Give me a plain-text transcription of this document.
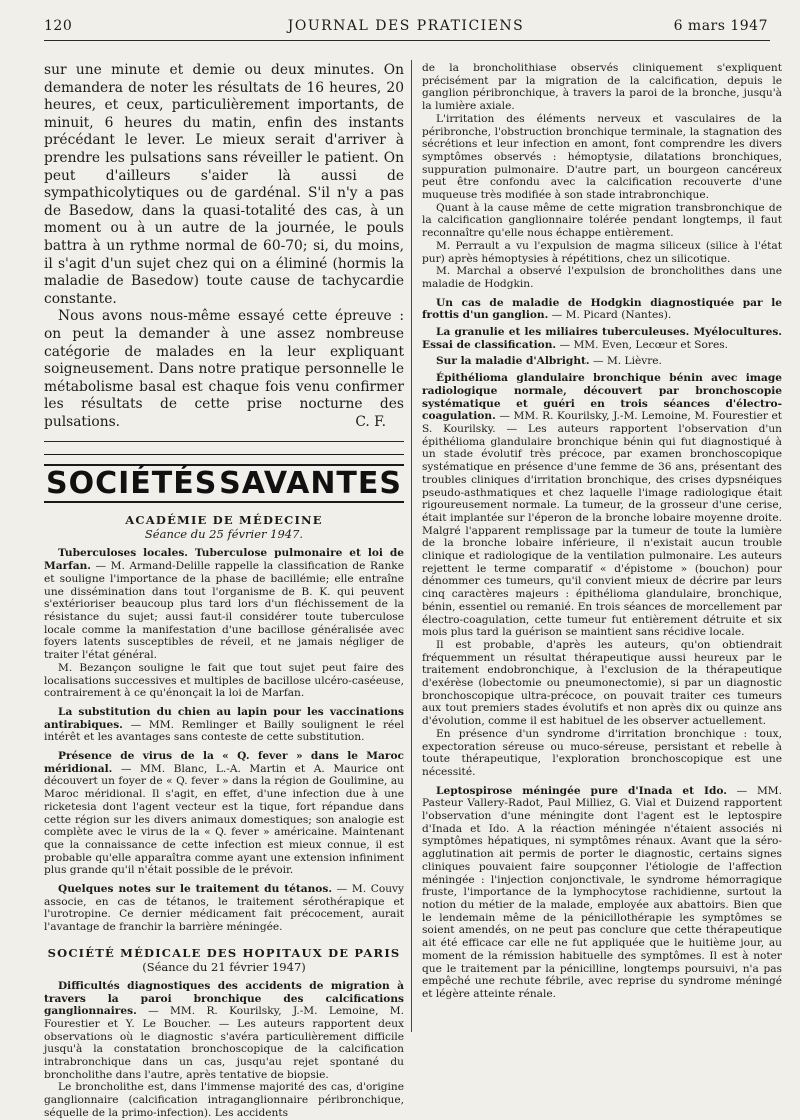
120	JOURNAL DES PRATICIENS	6 mars 1947

sur une minute et demie ou deux minutes. On demandera de noter les résultats de 16 heures, 20 heures, et ceux, particulièrement importants, de minuit, 6 heures du matin, enfin des instants précédant le lever. Le mieux serait d'arriver à prendre les pulsations sans réveiller le patient. On peut d'ailleurs s'aider là aussi de sympathicolytiques ou de gardénal. S'il n'y a pas de Basedow, dans la quasi-totalité des cas, à un moment ou à un autre de la journée, le pouls battra à un rythme normal de 60-70; si, du moins, il s'agit d'un sujet chez qui on a éliminé (hormis la maladie de Basedow) toute cause de tachycardie constante.

Nous avons nous-même essayé cette épreuve : on peut la demander à une assez nombreuse catégorie de malades en la leur expliquant soigneusement. Dans notre pratique personnelle le métabolisme basal est chaque fois venu confirmer les résultats de cette prise nocturne des pulsations.	C. F.

SOCIÉTÉS SAVANTES
ACADÉMIE DE MÉDECINE
Séance du 25 février 1947.

Tuberculoses locales. Tuberculose pulmonaire et loi de Marfan. — M. Armand-Delille rappelle la classification de Ranke et souligne l'importance de la phase de bacillémie; elle entraîne une dissémination dans tout l'organisme de B. K. qui peuvent s'extérioriser beaucoup plus tard lors d'un fléchissement de la résistance du sujet; aussi faut-il considérer toute tuberculose locale comme la manifestation d'une bacillose généralisée avec foyers latents susceptibles de réveil, et ne jamais négliger de traiter l'état général.

M. Bezançon souligne le fait que tout sujet peut faire des localisations successives et multiples de bacillose ulcéro-caséeuse, contrairement à ce qu'énonçait la loi de Marfan.

La substitution du chien au lapin pour les vaccinations antirabiques. — MM. Remlinger et Bailly soulignent le réel intérêt et les avantages sans conteste de cette substitution.

Présence de virus de la « Q. fever » dans le Maroc méridional. — MM. Blanc, L.-A. Martin et A. Maurice ont découvert un foyer de « Q. fever » dans la région de Goulimine, au Maroc méridional. Il s'agit, en effet, d'une infection due à une ricketesia dont l'agent vecteur est la tique, fort répandue dans cette région sur les divers animaux domestiques; son analogie est complète avec le virus de la « Q. fever » américaine. Maintenant que la connaissance de cette infection est mieux connue, il est probable qu'elle apparaîtra comme ayant une extension infiniment plus grande qu'il n'était possible de le prévoir.

Quelques notes sur le traitement du tétanos. — M. Couvy associe, en cas de tétanos, le traitement sérothérapique et l'urotropine. Ce dernier médicament fait précocement, aurait l'avantage de franchir la barrière méningée.

SOCIÉTÉ MÉDICALE DES HOPITAUX DE PARIS
(Séance du 21 février 1947)

Difficultés diagnostiques des accidents de migration à travers la paroi bronchique des calcifications ganglionnaires. — MM. R. Kourilsky, J.-M. Lemoine, M. Fourestier et Y. Le Boucher. — Les auteurs rapportent deux observations où le diagnostic s'avéra particulièrement difficile jusqu'à la constatation bronchoscopique de la calcification intrabronchique dans un cas, jusqu'au rejet spontané du broncholithe dans l'autre, après tentative de biopsie.

Le broncholithe est, dans l'immense majorité des cas, d'origine ganglionnaire (calcification intraganglionnaire péribronchique, séquelle de la primo-infection). Les accidents

de la broncholithiase observés cliniquement s'expliquent précisément par la migration de la calcification, depuis le ganglion péribronchique, à travers la paroi de la bronche, jusqu'à la lumière axiale.

L'irritation des éléments nerveux et vasculaires de la péribronche, l'obstruction bronchique terminale, la stagnation des sécrétions et leur infection en amont, font comprendre les divers symptômes observés : hémoptysie, dilatations bronchiques, suppuration pulmonaire. D'autre part, un bourgeon cancéreux peut être confondu avec la calcification recouverte d'une muqueuse très modifiée à son stade intrabronchique.

Quant à la cause même de cette migration transbronchique de la calcification ganglionnaire tolérée pendant longtemps, il faut reconnaître qu'elle nous échappe entièrement.

M. Perrault a vu l'expulsion de magma siliceux (silice à l'état pur) après hémoptysies à répétitions, chez un silicotique.

M. Marchal a observé l'expulsion de broncholithes dans une maladie de Hodgkin.

Un cas de maladie de Hodgkin diagnostiquée par le frottis d'un ganglion. — M. Picard (Nantes).

La granulie et les miliaires tuberculeuses. Myélocultures. Essai de classification. — MM. Even, Lecœur et Sores.

Sur la maladie d'Albright. — M. Lièvre.

Épithélioma glandulaire bronchique bénin avec image radiologique normale, découvert par bronchoscopie systématique et guéri en trois séances d'électro-coagulation. — MM. R. Kourilsky, J.-M. Lemoine, M. Fourestier et S. Kourilsky. — Les auteurs rapportent l'observation d'un épithélioma glandulaire bronchique bénin qui fut diagnostiqué à un stade évolutif très précoce, par examen bronchoscopique systématique en présence d'une femme de 36 ans, présentant des troubles cliniques d'irritation bronchique, des crises dypsnéiques pseudo-asthmatiques et chez laquelle l'image radiologique était rigoureusement normale. La tumeur, de la grosseur d'une cerise, était implantée sur l'éperon de la bronche lobaire moyenne droite. Malgré l'apparent remplissage par la tumeur de toute la lumière de la bronche lobaire inférieure, il n'existait aucun trouble clinique et radiologique de la ventilation pulmonaire. Les auteurs rejettent le terme comparatif « d'épistome » (bouchon) pour dénommer ces tumeurs, qu'il convient mieux de décrire par leurs cinq caractères majeurs : épithélioma glandulaire, bronchique, bénin, essentiel ou remanié. En trois séances de morcellement par électro-coagulation, cette tumeur fut entièrement détruite et six mois plus tard la guérison se maintient sans récidive locale.

Il est probable, d'après les auteurs, qu'on obtiendrait fréquemment un résultat thérapeutique aussi heureux par le traitement endobronchique, à l'exclusion de la thérapeutique d'exérèse (lobectomie ou pneumonectomie), si par un diagnostic bronchoscopique ultra-précoce, on pouvait traiter ces tumeurs aux tout premiers stades évolutifs et non après dix ou quinze ans d'évolution, comme il est habituel de les observer actuellement.

En présence d'un syndrome d'irritation bronchique : toux, expectoration séreuse ou muco-séreuse, persistant et rebelle à toute thérapeutique, l'exploration bronchoscopique est une nécessité.

Leptospirose méningée pure d'Inada et Ido. — MM. Pasteur Vallery-Radot, Paul Milliez, G. Vial et Duizend rapportent l'observation d'une méningite dont l'agent est le leptospire d'Inada et Ido. A la réaction méningée n'étaient associés ni symptômes hépatiques, ni symptômes rénaux. Avant que la séro-agglutination ait permis de porter le diagnostic, certains signes cliniques pouvaient faire soupçonner l'étiologie de l'affection méningée : l'injection conjonctivale, le syndrome hémorragique fruste, l'importance de la lymphocytose rachidienne, surtout la notion du métier de la malade, employée aux abattoirs. Bien que le lendemain même de la pénicillothérapie les symptômes se soient amendés, on ne peut pas conclure que cette thérapeutique ait été efficace car elle ne fut appliquée que le huitième jour, au moment de la rémission habituelle des symptômes. Il est à noter que le traitement par la pénicilline, longtemps poursuivi, n'a pas empêché une rechute fébrile, avec reprise du syndrome méningé et légère atteinte rénale.
